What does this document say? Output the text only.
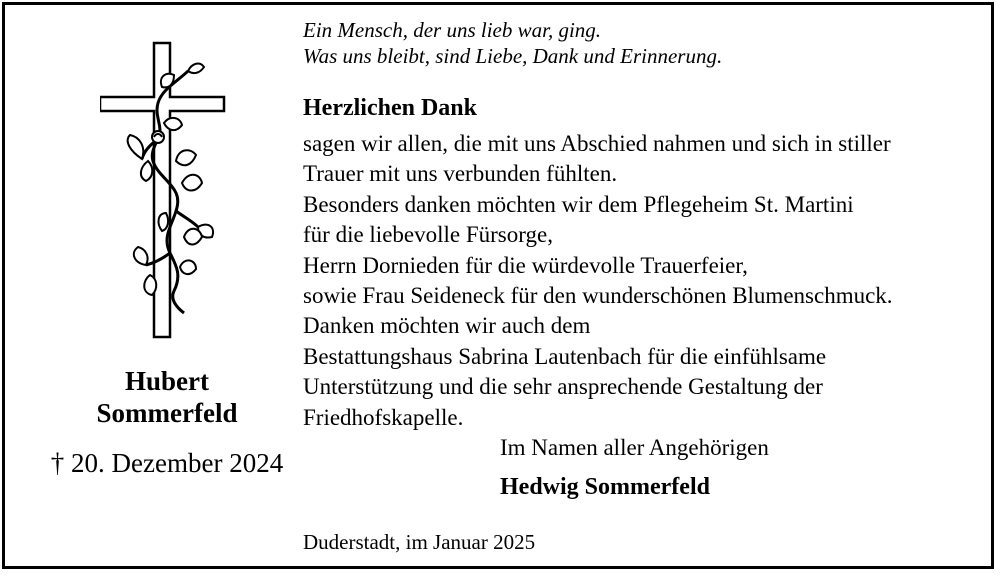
Hubert
Sommerfeld
† 20. Dezember 2024

Ein Mensch, der uns lieb war, ging.

Was uns bleibt, sind Liebe, Dank und Erinnerung.

Herzlichen Dank
sagen wir allen, die mit uns Abschied nahmen und sich in stiller
Trauer mit uns verbunden fühlten.
Besonders danken möchten wir dem Pflegeheim St. Martini
für die liebevolle Fürsorge,
Herrn Dornieden für die würdevolle Trauerfeier,
sowie Frau Seideneck für den wunderschönen Blumenschmuck.
Danken möchten wir auch dem
Bestattungshaus Sabrina Lautenbach für die einfühlsame
Unterstützung und die sehr ansprechende Gestaltung der
Friedhofskapelle.
Im Namen aller Angehörigen
Hedwig Sommerfeld
Duderstadt, im Januar 2025
